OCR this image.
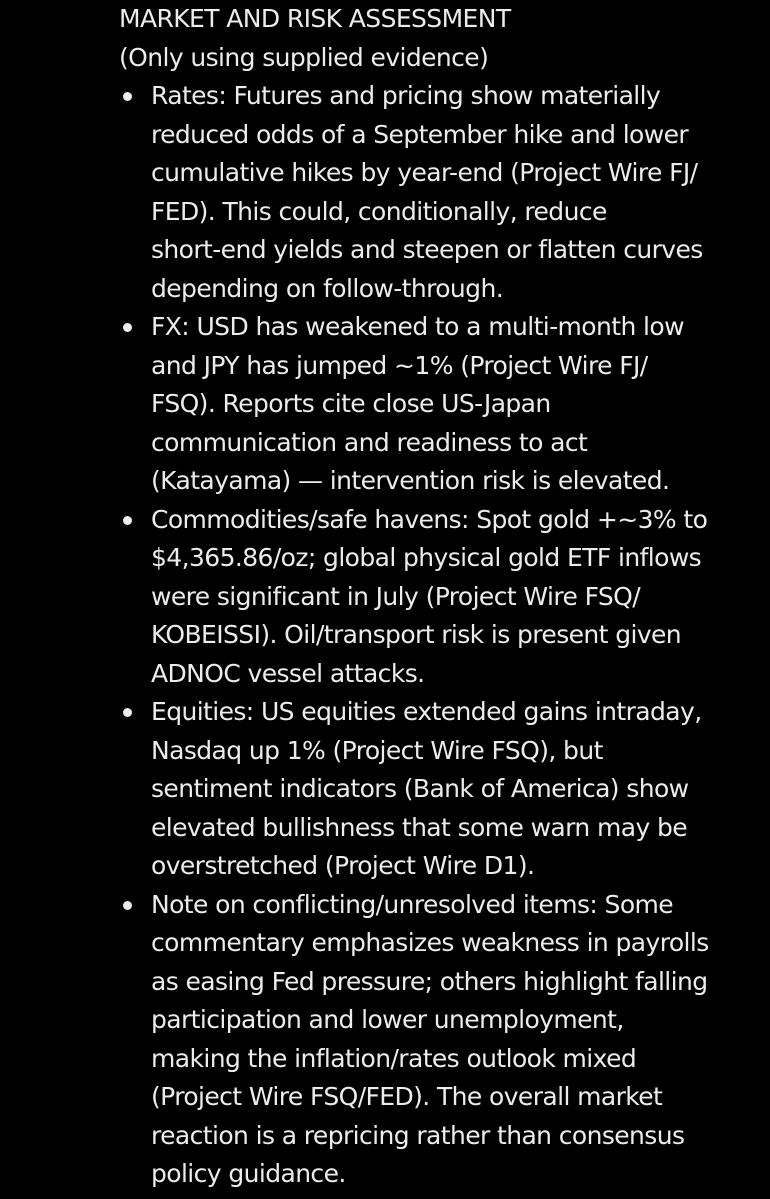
MARKET AND RISK ASSESSMENT
(Only using supplied evidence)
Rates: Futures and pricing show materially
reduced odds of a September hike and lower
cumulative hikes by year-end (Project Wire FJ/
FED). This could, conditionally, reduce
short-end yields and steepen or flatten curves
depending on follow-through.
FX: USD has weakened to a multi-month low
and JPY has jumped ~1% (Project Wire FJ/
FSQ). Reports cite close US-Japan
communication and readiness to act
(Katayama) — intervention risk is elevated.
Commodities/safe havens: Spot gold +~3% to
$4,365.86/oz; global physical gold ETF inflows
were significant in July (Project Wire FSQ/
KOBEISSI). Oil/transport risk is present given
ADNOC vessel attacks.
Equities: US equities extended gains intraday,
Nasdaq up 1% (Project Wire FSQ), but
sentiment indicators (Bank of America) show
elevated bullishness that some warn may be
overstretched (Project Wire D1).
Note on conflicting/unresolved items: Some
commentary emphasizes weakness in payrolls
as easing Fed pressure; others highlight falling
participation and lower unemployment,
making the inflation/rates outlook mixed
(Project Wire FSQ/FED). The overall market
reaction is a repricing rather than consensus
policy guidance.
